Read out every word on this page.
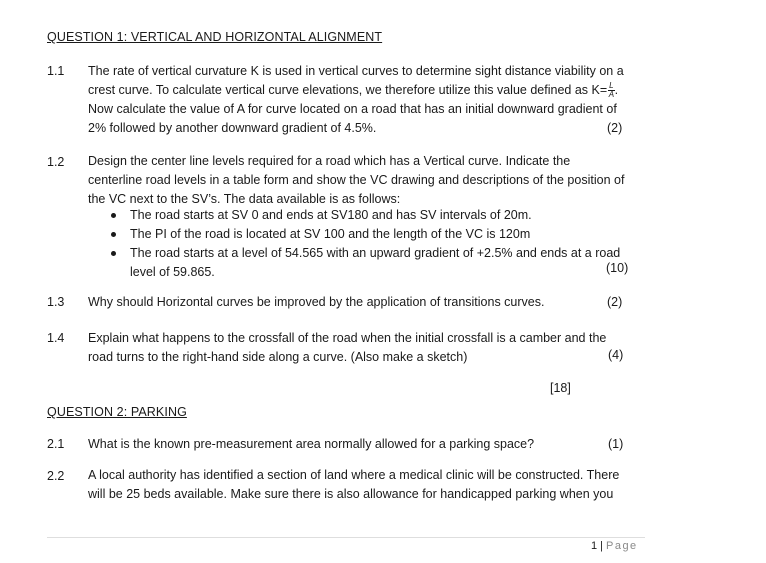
QUESTION 1: VERTICAL AND HORIZONTAL ALIGNMENT
1.1 The rate of vertical curvature K is used in vertical curves to determine sight distance viability on a
crest curve. To calculate vertical curve elevations, we therefore utilize this value defined as $K= \frac{L}{A}$ .
Now calculate the value of A for curve located on a road that has an initial downward gradient of
2% followed by another downward gradient of 4.5%.	(2)
1.2 Design the center line levels required for a road which has a Vertical curve. Indicate the
centerline road levels in a table form and show the VC drawing and descriptions of the position of
the VC next to the SV’s. The data available is as follows:
The road starts at SV 0 and ends at SV180 and has SV intervals of 20m.
The PI of the road is located at SV 100 and the length of the VC is 120m
The road starts at a level of 54.565 with an upward gradient of +2.5% and ends at a road
level of 59.865.	(10)
1.3 Why should Horizontal curves be improved by the application of transitions curves.	(2)
1.4 Explain what happens to the crossfall of the road when the initial crossfall is a camber and the
road turns to the right-hand side along a curve. (Also make a sketch)	(4)
[18]
QUESTION 2: PARKING
2.1 What is the known pre-measurement area normally allowed for a parking space?	(1)
2.2 A local authority has identified a section of land where a medical clinic will be constructed. There
will be 25 beds available. Make sure there is also allowance for handicapped parking when you
1 | Page
